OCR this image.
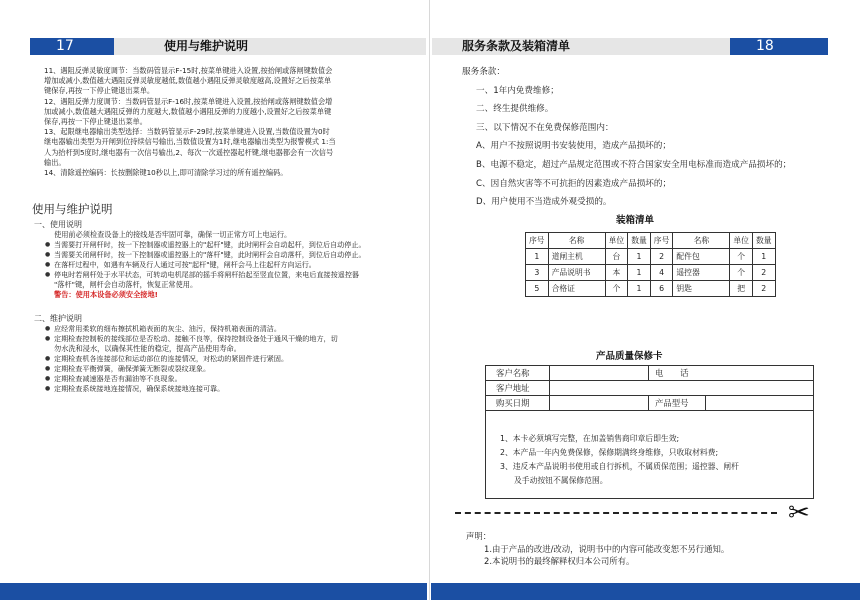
17	使用与维护说明

11、遇阻反弹灵敏度调节：当数码管显示F-15时,按菜单键进入设置,按抬闸或落闸键数值会

增加或减小,数值越大遇阻反弹灵敏度越低,数值越小遇阻反弹灵敏度越高,设置好之后按菜单

键保存,再按一下停止键退出菜单。

12、遇阻反弹力度调节：当数码管显示F-16时,按菜单键进入设置,按抬闸或落闸键数值会增

加或减小,数值越大遇阻反弹的力度越大,数值越小遇阻反弹的力度越小,设置好之后按菜单键

保存,再按一下停止键退出菜单。

13、起限继电器输出类型选择：当数码管显示F-29时,按菜单键进入设置,当数值设置为0时

继电器输出类型为开闸到位持续信号输出,当数值设置为1时,继电器输出类型为报警模式 1:当

人为抬杆到5度时,继电器有一次信号输出,2、每次一次遥控器起杆键,继电器都会有一次信号

输出。

14、清除遥控编码：长按删除键10秒以上,即可清除学习过的所有遥控编码。

使用与维护说明
一、使用说明
使用前必须检查设备上的接线是否牢固可靠，确保一切正常方可上电运行。
● 当需要打开闸杆时，按一下控制器或遥控器上的"起杆"键，此时闸杆会自动起杆，到位后自动停止。
● 当需要关闭闸杆时，按一下控制器或遥控器上的"落杆"键，此时闸杆会自动落杆，到位后自动停止。
● 在落杆过程中，如遇有车辆及行人通过可按"起杆"键，闸杆会马上往起杆方向运行。
● 停电时若闸杆处于水平状态，可转动电机尾部的摇手将闸杆抬起至竖直位置，来电后直接按遥控器
"落杆"键，闸杆会自动落杆，恢复正常使用。
警告：使用本设备必须安全接地!
二、维护说明
● 应经常用柔软的细布擦拭机箱表面的灰尘、油污，保持机箱表面的清洁。
● 定期检查控制板的接线部位是否松动、接触不良等，保持控制设备处于通风干燥的地方，切
勿水洗和浸水，以确保其性能的稳定，提高产品使用寿命。
● 定期检查机各连接部位和运动部位的连接情况，对松动的紧固件进行紧固。
● 定期检查平衡弹簧，确保弹簧无断裂或裂纹现象。
● 定期检查减速器是否有漏油等不良现象。
● 定期检查系统接地连接情况，确保系统接地连接可靠。
服务条款及装箱清单	18
服务条款：
一、1年内免费维修；
二、终生提供维修。
三、以下情况不在免费保修范围内：
A、用户不按照说明书安装使用，造成产品损坏的；
B、电源不稳定，超过产品规定范围或不符合国家安全用电标准而造成产品损坏的；
C、因自然灾害等不可抗拒的因素造成产品损坏的；
D、用户使用不当造成外观受损的。
装箱清单
序号	名称	单位	数量	序号	名称	单位	数量
1	道闸主机	台	1	2	配件包	个	1
3	产品说明书	本	1	4	遥控器	个	2
5	合格证	个	1	6	钥匙	把	2
产品质量保修卡
客户名称	电　　话
客户地址
购买日期	产品型号
1、本卡必须填写完整，在加盖销售商印章后即生效;
2、本产品一年内免费保修，保修期满终身维修，只收取材料费;
3、违反本产品说明书使用或自行拆机，不属质保范围；遥控器、闸杆
及手动按钮不属保修范围。
✂
声明：
1.由于产品的改进/改动，说明书中的内容可能改变恕不另行通知。
2.本说明书的最终解释权归本公司所有。
